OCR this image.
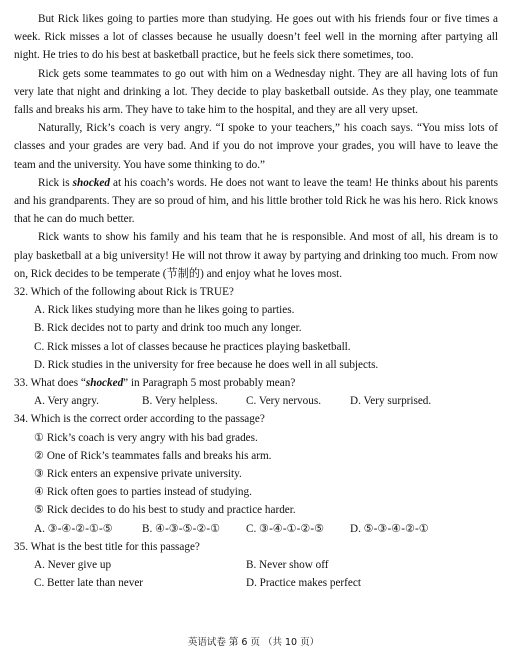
But Rick likes going to parties more than studying. He goes out with his friends four or five times a week. Rick misses a lot of classes because he usually doesn’t feel well in the morning after partying all night. He tries to do his best at basketball practice, but he feels sick there sometimes, too.

Rick gets some teammates to go out with him on a Wednesday night. They are all having lots of fun very late that night and drinking a lot. They decide to play basketball outside. As they play, one teammate falls and breaks his arm. They have to take him to the hospital, and they are all very upset.

Naturally, Rick’s coach is very angry. “I spoke to your teachers,” his coach says. “You miss lots of classes and your grades are very bad. And if you do not improve your grades, you will have to leave the team and the university. You have some thinking to do.”

Rick is shocked at his coach’s words. He does not want to leave the team! He thinks about his parents and his grandparents. They are so proud of him, and his little brother told Rick he was his hero. Rick knows that he can do much better.

Rick wants to show his family and his team that he is responsible. And most of all, his dream is to play basketball at a big university! He will not throw it away by partying and drinking too much. From now on, Rick decides to be temperate (节制的) and enjoy what he loves most.

32. Which of the following about Rick is TRUE?

A. Rick likes studying more than he likes going to parties.

B. Rick decides not to party and drink too much any longer.

C. Rick misses a lot of classes because he practices playing basketball.

D. Rick studies in the university for free because he does well in all subjects.

33. What does “shocked” in Paragraph 5 most probably mean?

A. Very angry.	B. Very helpless.	C. Very nervous.	D. Very surprised.

34. Which is the correct order according to the passage?

① Rick’s coach is very angry with his bad grades.

② One of Rick’s teammates falls and breaks his arm.

③ Rick enters an expensive private university.

④ Rick often goes to parties instead of studying.

⑤ Rick decides to do his best to study and practice harder.

A. ③-④-②-①-⑤	B. ④-③-⑤-②-①	C. ③-④-①-②-⑤	D. ⑤-③-④-②-①

35. What is the best title for this passage?

A. Never give up	B. Never show off
C. Better late than never	D. Practice makes perfect
英语试卷 第 6 页 （共 10 页）
